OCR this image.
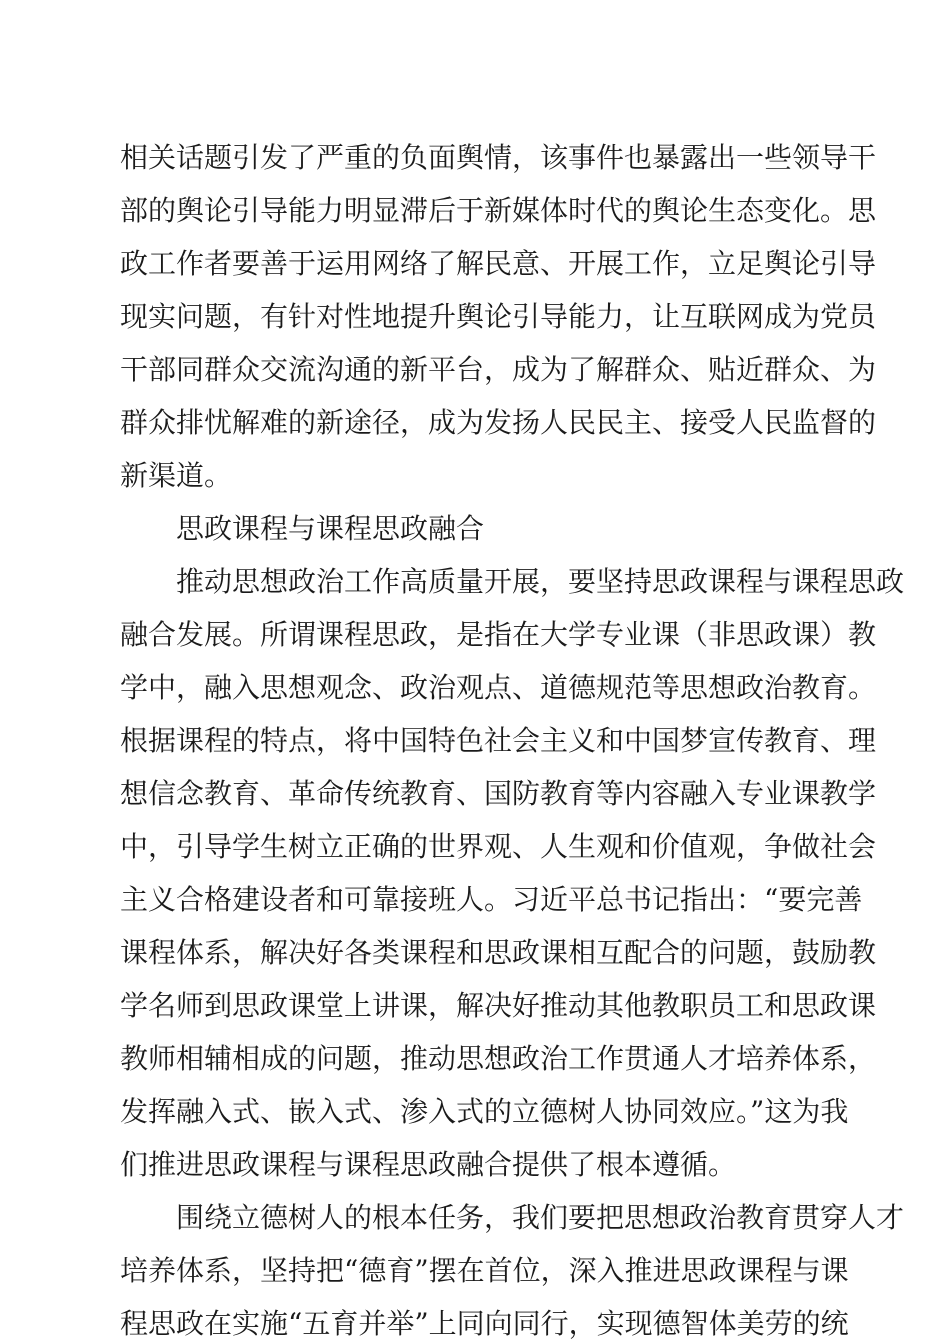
相关话题引发了严重的负面舆情，该事件也暴露出一些领导干
部的舆论引导能力明显滞后于新媒体时代的舆论生态变化。思
政工作者要善于运用网络了解民意、开展工作，立足舆论引导
现实问题，有针对性地提升舆论引导能力，让互联网成为党员
干部同群众交流沟通的新平台，成为了解群众、贴近群众、为
群众排忧解难的新途径，成为发扬人民民主、接受人民监督的
新渠道。
思政课程与课程思政融合
推动思想政治工作高质量开展，要坚持思政课程与课程思政
融合发展。所谓课程思政，是指在大学专业课（非思政课）教
学中，融入思想观念、政治观点、道德规范等思想政治教育。
根据课程的特点，将中国特色社会主义和中国梦宣传教育、理
想信念教育、革命传统教育、国防教育等内容融入专业课教学
中，引导学生树立正确的世界观、人生观和价值观，争做社会
主义合格建设者和可靠接班人。习近平总书记指出：“要完善
课程体系，解决好各类课程和思政课相互配合的问题，鼓励教
学名师到思政课堂上讲课，解决好推动其他教职员工和思政课
教师相辅相成的问题，推动思想政治工作贯通人才培养体系，
发挥融入式、嵌入式、渗入式的立德树人协同效应。”这为我
们推进思政课程与课程思政融合提供了根本遵循。
围绕立德树人的根本任务，我们要把思想政治教育贯穿人才
培养体系，坚持把“德育”摆在首位，深入推进思政课程与课
程思政在实施“五育并举”上同向同行，实现德智体美劳的统
